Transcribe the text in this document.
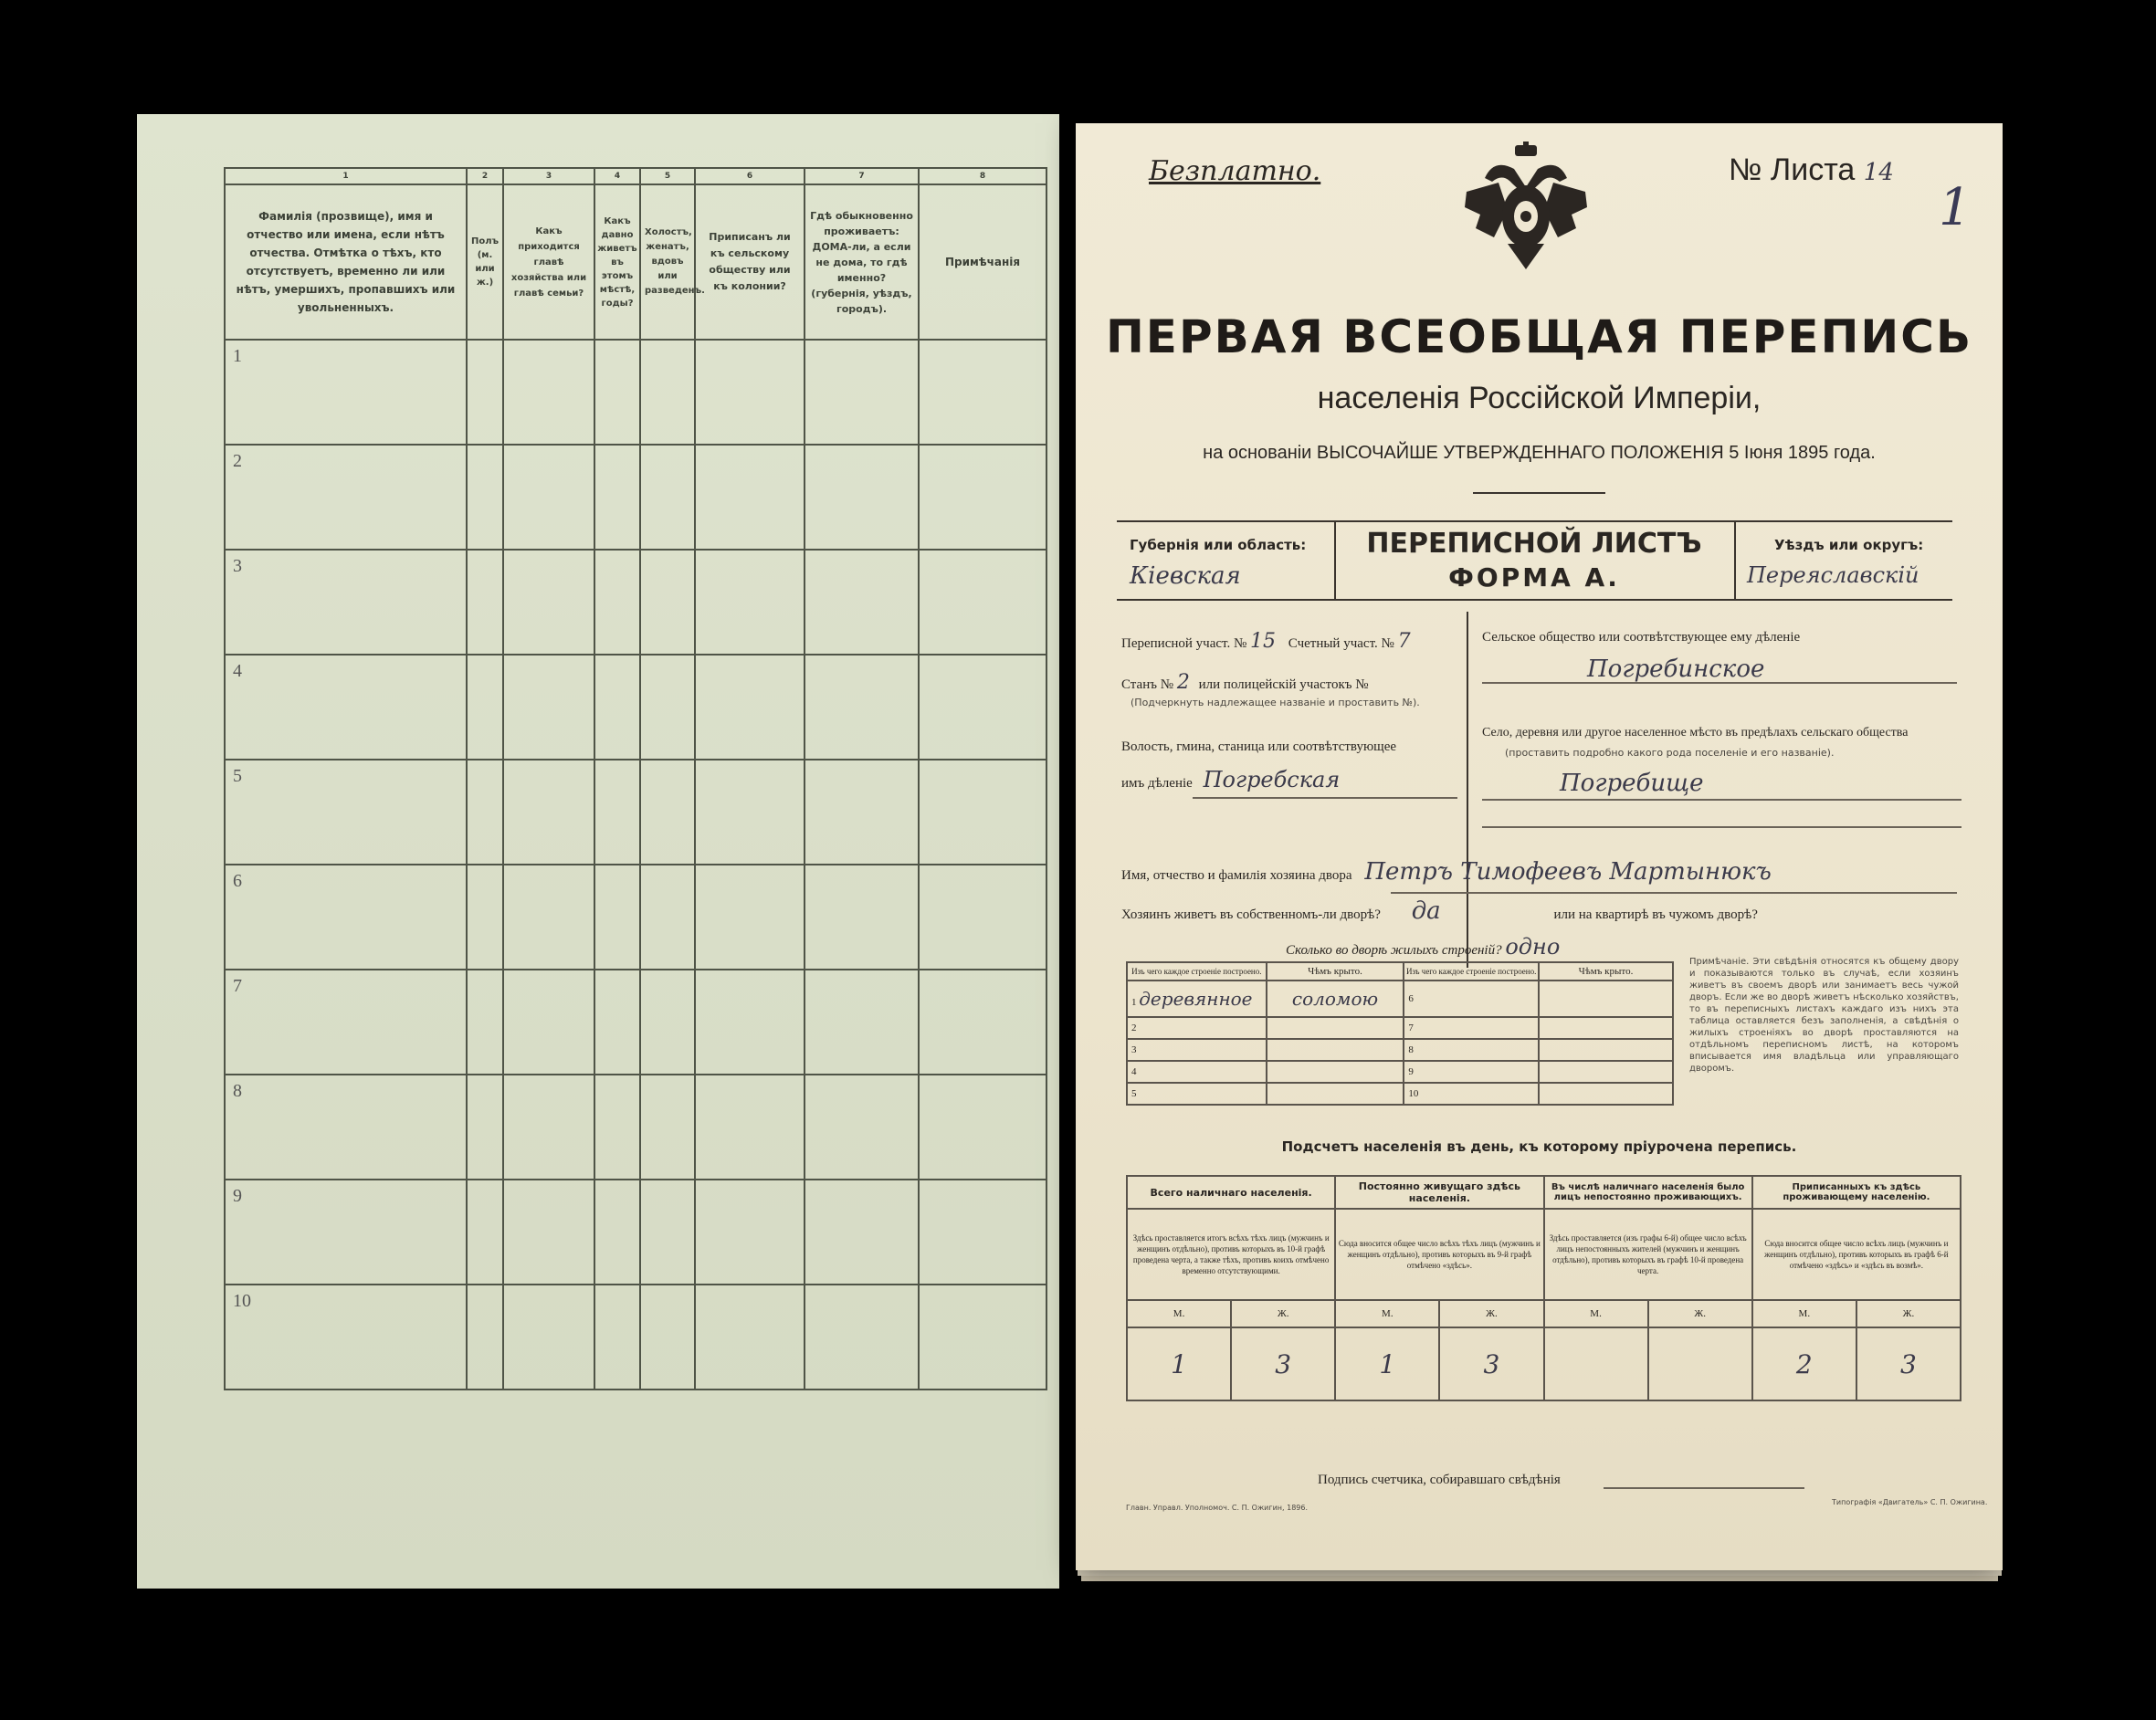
1	2	3	4	5	6	7	8
Фамилія (прозвище), имя и отчество или имена, если нѣтъ отчества. Отмѣтка о тѣхъ, кто отсутствуетъ, временно ли или нѣтъ, умершихъ, пропавшихъ или увольненныхъ.	Полъ (м. или ж.)	Какъ приходится главѣ хозяйства или главѣ семьи?	Какъ давно живетъ въ этомъ мѣстѣ, годы?	Холостъ, женатъ, вдовъ или разведенъ.	Приписанъ ли къ сельскому обществу или къ колонии?	Гдѣ обыкновенно проживаетъ: ДОМА-ли, а если не дома, то гдѣ именно? (губернія, уѣздъ, городъ).	Примѣчанія

1							

2							

3							

4							

5							

6							

7							

8							

9							

10							

Безплатно.	№ Листа 14
1
ПЕРВАЯ ВСЕОБЩАЯ ПЕРЕПИСЬ
населенія Россійской Имперіи,
на основаніи ВЫСОЧАЙШЕ УТВЕРЖДЕННАГО ПОЛОЖЕНІЯ 5 Іюня 1895 года.
Губернія или область:
Кіевская
ПЕРЕПИСНОЙ ЛИСТЪ
ФОРМА А.
Уѣздъ или округъ:
Переяславскій
Переписной участ. № 15 Счетный участ. № 7
Станъ № 2 или полицейскій участокъ №
(Подчеркнуть надлежащее названіе и проставить №).
Волость, гмина, станица или соотвѣтствующее
имъ дѣленіе Погребская
Сельское общество или соотвѣтствующее ему дѣленіе
Погребинское
Село, деревня или другое населенное мѣсто въ предѣлахъ сельскаго общества
(проставить подробно какого рода поселеніе и его названіе).
Погребище
Имя, отчество и фамилія хозяина двора Петръ Тимофеевъ Мартынюкъ
Хозяинъ живетъ въ собственномъ-ли дворѣ? да	или на квартирѣ въ чужомъ дворѣ?
Сколько во дворѣ жилыхъ строеній? одно
Изъ чего каждое строеніе построено.	Чѣмъ крыто.	Изъ чего каждое строеніе построено.	Чѣмъ крыто.
1 деревянное	соломою	6	
2		7	
3		8	
4		9	
5		10	
Примѣчаніе. Эти свѣдѣнія относятся къ общему двору и показываются только въ случаѣ, если хозяинъ живетъ въ своемъ дворѣ или занимаетъ весь чужой дворъ. Если же во дворѣ живетъ нѣсколько хозяйствъ, то въ переписныхъ листахъ каждаго изъ нихъ эта таблица оставляется безъ заполненія, а свѣдѣнія о жилыхъ строеніяхъ во дворѣ проставляются на отдѣльномъ переписномъ листѣ, на которомъ вписывается имя владѣльца или управляющаго дворомъ.
Подсчетъ населенія въ день, къ которому пріурочена перепись.
Всего наличнаго населенія.		Постоянно живущаго здѣсь населенія.		Въ числѣ наличнаго населенія было лицъ непостоянно проживающихъ.		Приписанныхъ къ здѣсь проживающему населенію.	
Здѣсь проставляется итогъ всѣхъ тѣхъ лицъ (мужчинъ и женщинъ отдѣльно), противъ которыхъ въ 10-й графѣ проведена черта, а также тѣхъ, противъ коихъ отмѣчено временно отсутствующими.		Сюда вносится общее число всѣхъ тѣхъ лицъ (мужчинъ и женщинъ отдѣльно), противъ которыхъ въ 9-й графѣ отмѣчено «здѣсь».		Здѣсь проставляется (изъ графы 6-й) общее число всѣхъ лицъ непостоянныхъ жителей (мужчинъ и женщинъ отдѣльно), противъ которыхъ въ графѣ 10-й проведена черта.		Сюда вносится общее число всѣхъ лицъ (мужчинъ и женщинъ отдѣльно), противъ которыхъ въ графѣ 6-й отмѣчено «здѣсь» и «здѣсь въ возмѣ».	
М.	Ж.	М.	Ж.	М.	Ж.	М.	Ж.
1	3	1	3			2	3
Подпись счетчика, собиравшаго свѣдѣнія
Главн. Управл. Уполномоч. С. П. Ожигин, 1896.
Типографія «Двигатель» С. П. Ожигина.
